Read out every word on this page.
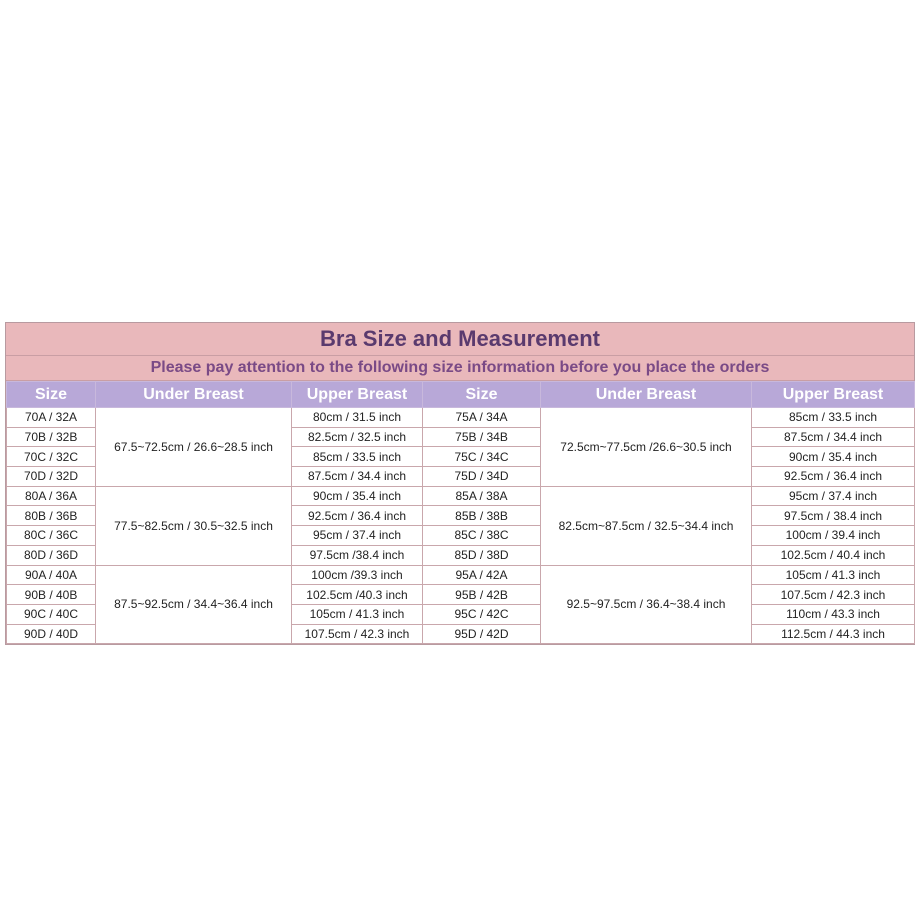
Bra Size and Measurement
Please pay attention to the following size information before you place the orders
Size	Under Breast	Upper Breast	Size	Under Breast	Upper Breast
70A / 32A	67.5~72.5cm / 26.6~28.5 inch	80cm / 31.5 inch	75A / 34A	72.5cm~77.5cm /26.6~30.5 inch	85cm / 33.5 inch
70B / 32B		82.5cm / 32.5 inch	75B / 34B		87.5cm / 34.4 inch
70C / 32C		85cm / 33.5 inch	75C / 34C		90cm / 35.4 inch
70D / 32D		87.5cm / 34.4 inch	75D / 34D		92.5cm / 36.4 inch
80A / 36A	77.5~82.5cm / 30.5~32.5 inch	90cm / 35.4 inch	85A / 38A	82.5cm~87.5cm / 32.5~34.4 inch	95cm / 37.4 inch
80B / 36B		92.5cm / 36.4 inch	85B / 38B		97.5cm / 38.4 inch
80C / 36C		95cm / 37.4 inch	85C / 38C		100cm / 39.4 inch
80D / 36D		97.5cm /38.4 inch	85D / 38D		102.5cm / 40.4 inch
90A / 40A	87.5~92.5cm / 34.4~36.4 inch	100cm /39.3 inch	95A / 42A	92.5~97.5cm / 36.4~38.4 inch	105cm / 41.3 inch
90B / 40B		102.5cm /40.3 inch	95B / 42B		107.5cm / 42.3 inch
90C / 40C		105cm / 41.3 inch	95C / 42C		110cm / 43.3 inch
90D / 40D		107.5cm / 42.3 inch	95D / 42D		112.5cm / 44.3 inch
